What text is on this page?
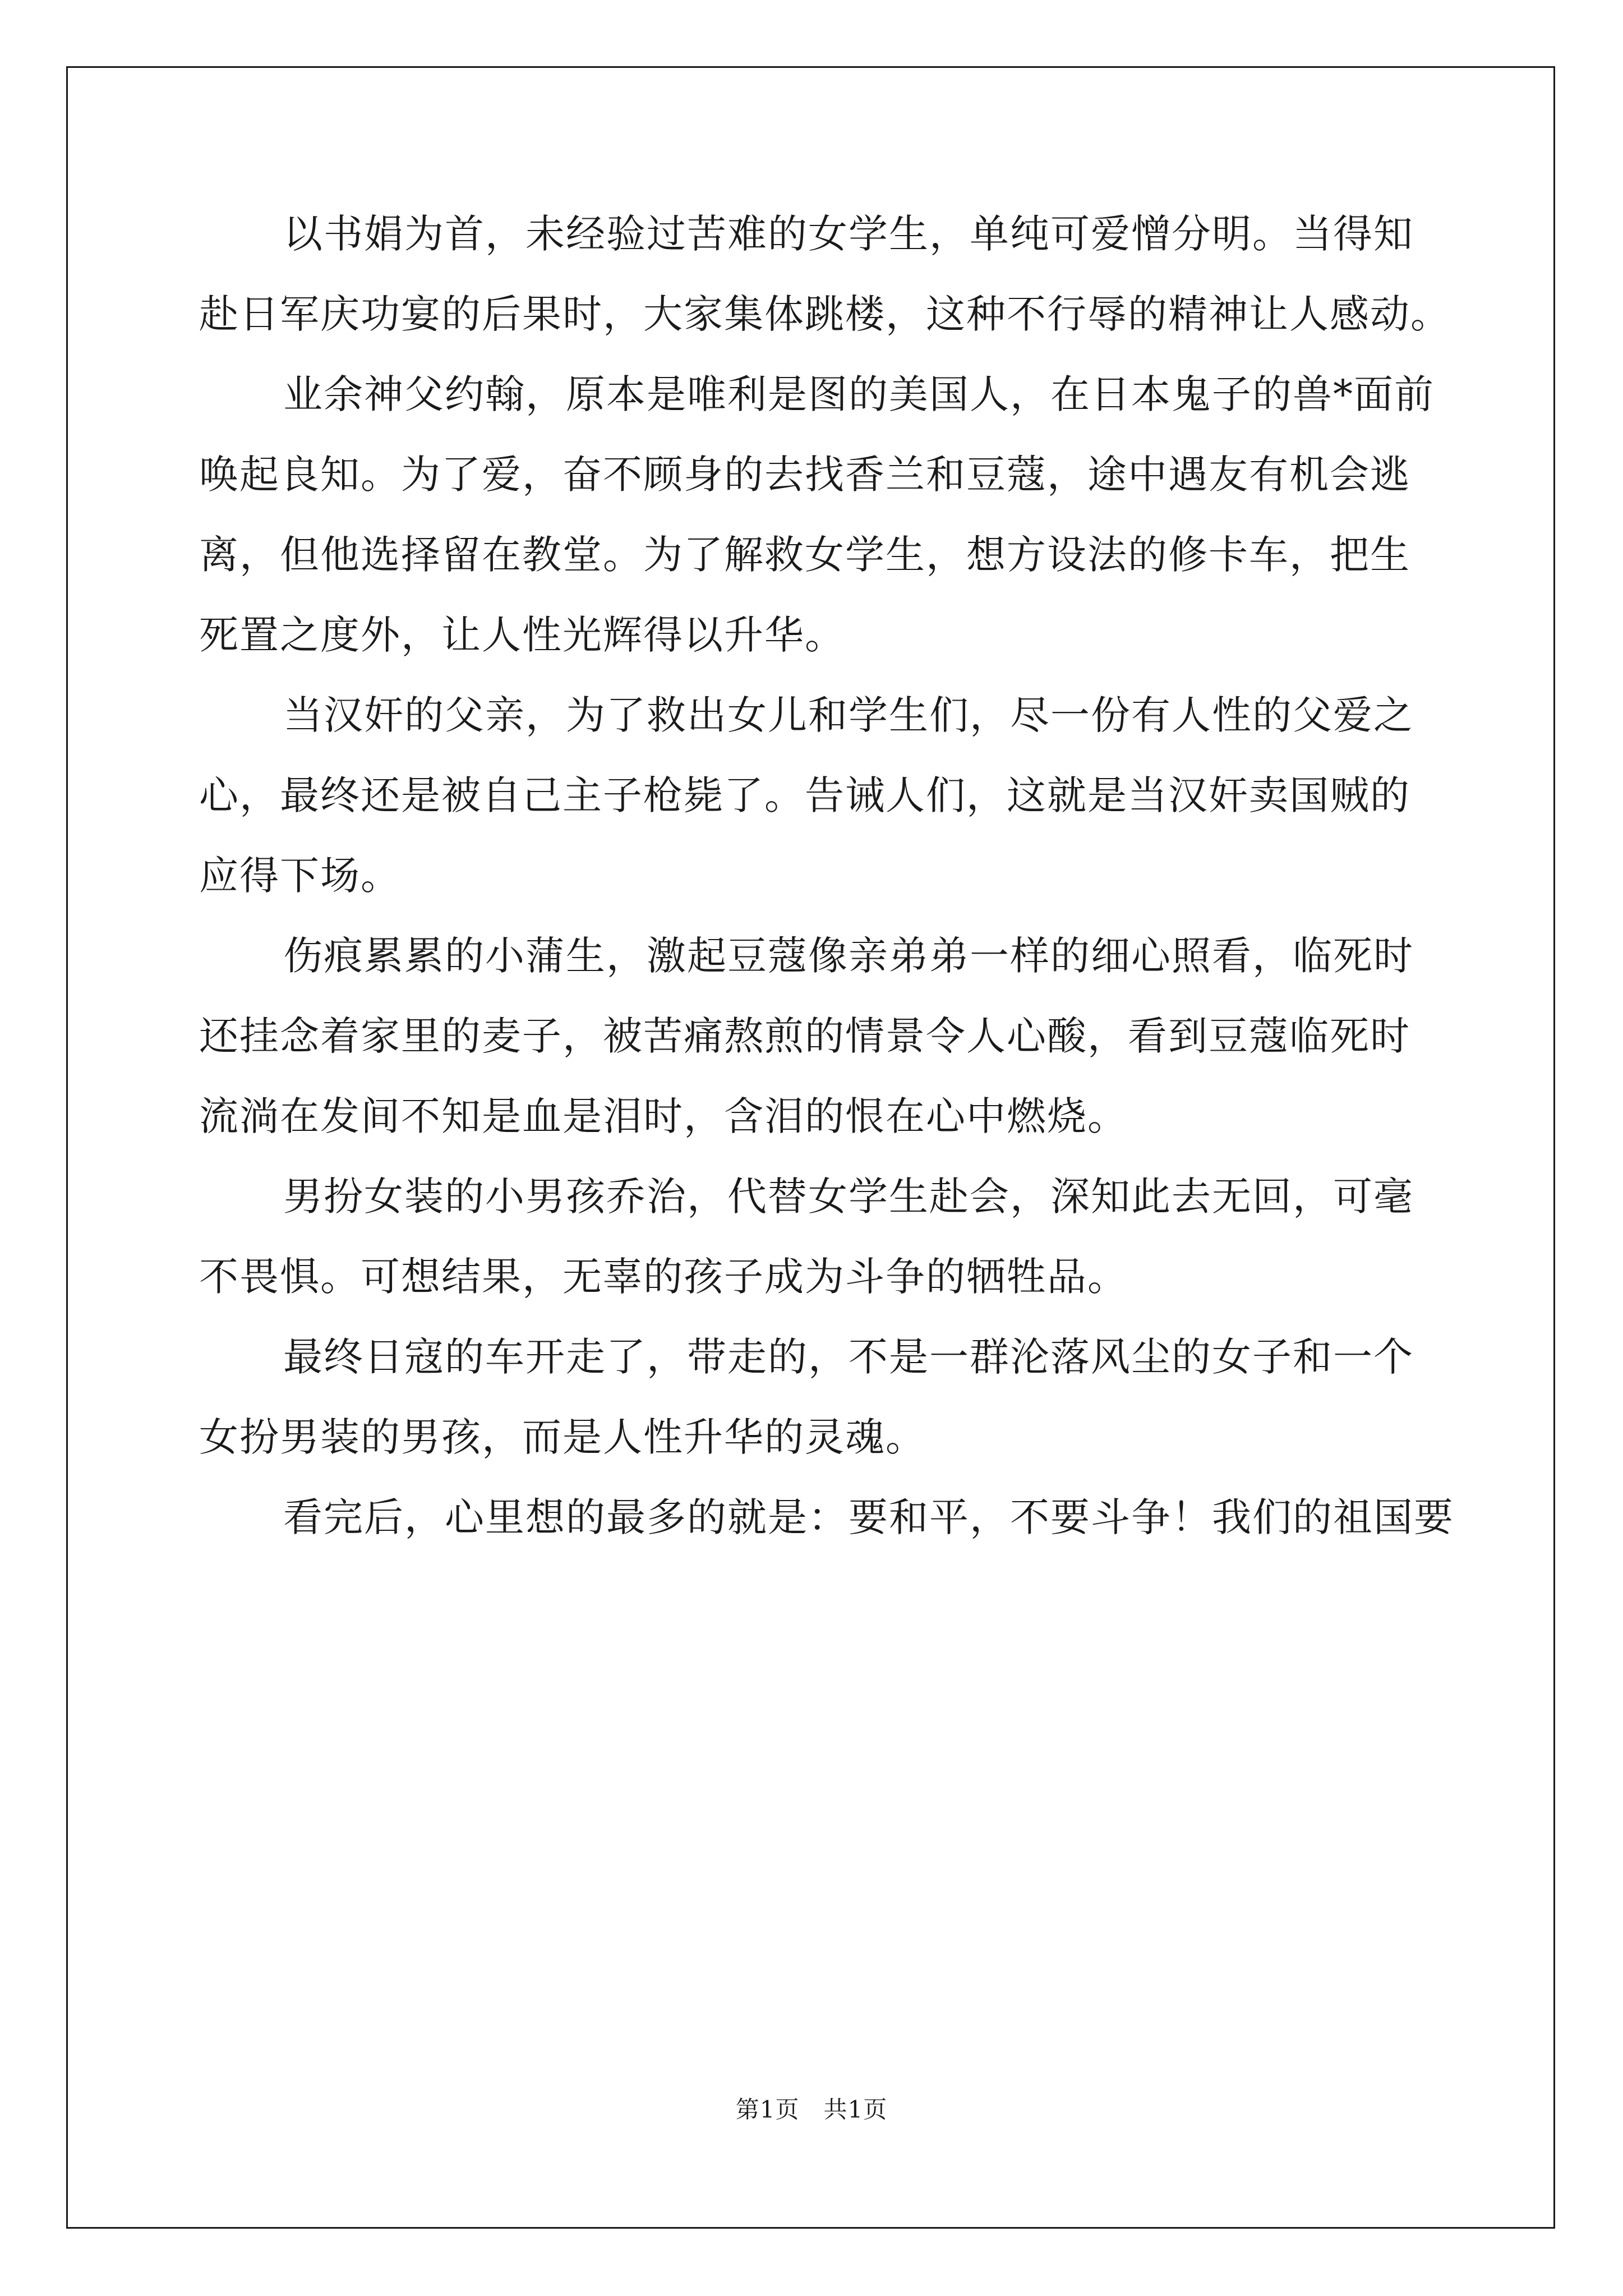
以书娟为首，未经验过苦难的女学生，单纯可爱憎分明。当得知
赴日军庆功宴的后果时，大家集体跳楼，这种不行辱的精神让人感动。
业余神父约翰，原本是唯利是图的美国人，在日本鬼子的兽*面前
唤起良知。为了爱，奋不顾身的去找香兰和豆蔻，途中遇友有机会逃
离，但他选择留在教堂。为了解救女学生，想方设法的修卡车，把生
死置之度外，让人性光辉得以升华。
当汉奸的父亲，为了救出女儿和学生们，尽一份有人性的父爱之
心，最终还是被自己主子枪毙了。告诫人们，这就是当汉奸卖国贼的
应得下场。
伤痕累累的小蒲生，激起豆蔻像亲弟弟一样的细心照看，临死时
还挂念着家里的麦子，被苦痛熬煎的情景令人心酸，看到豆蔻临死时
流淌在发间不知是血是泪时，含泪的恨在心中燃烧。
男扮女装的小男孩乔治，代替女学生赴会，深知此去无回，可毫
不畏惧。可想结果，无辜的孩子成为斗争的牺牲品。
最终日寇的车开走了，带走的，不是一群沦落风尘的女子和一个
女扮男装的男孩，而是人性升华的灵魂。
看完后，心里想的最多的就是：要和平，不要斗争！我们的祖国要
第1页   共1页
